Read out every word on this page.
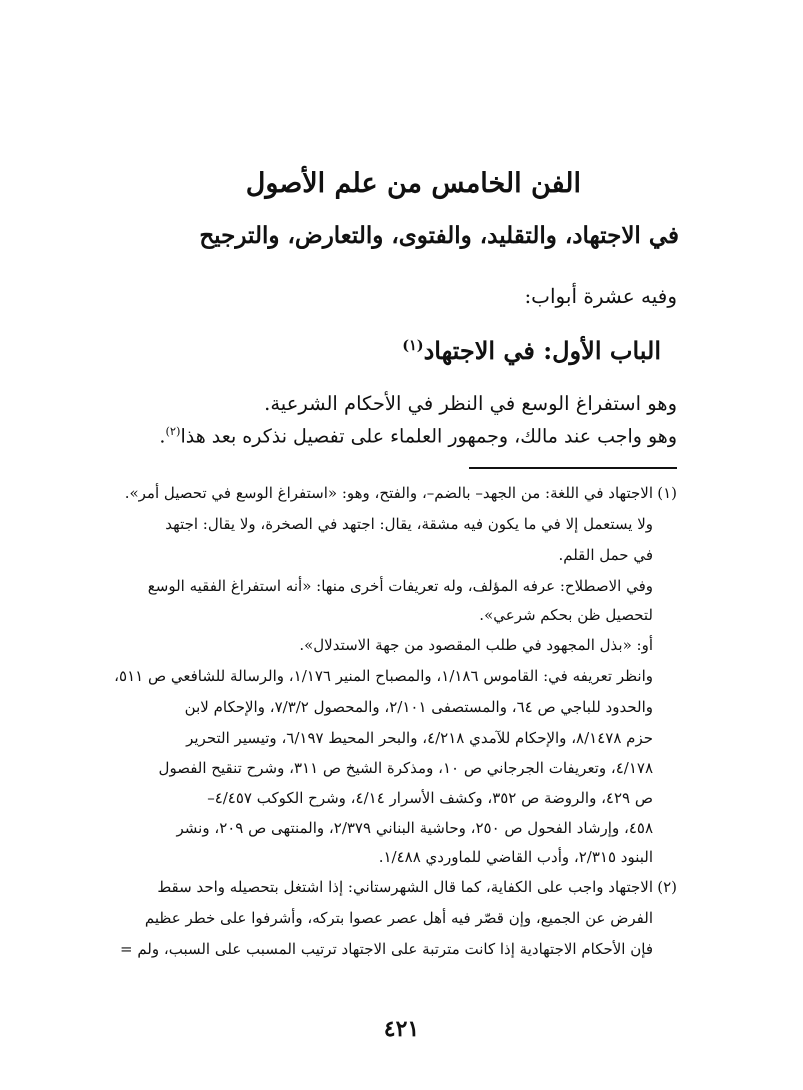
الفن الخامس من علم الأصول
في الاجتهاد، والتقليد، والفتوى، والتعارض، والترجيح
وفيه عشرة أبواب:
الباب الأول: في الاجتهاد$^{(١)}$
وهو استفراغ الوسع في النظر في الأحكام الشرعية.
وهو واجب عند مالك، وجمهور العلماء على تفصيل نذكره بعد هذا$^{(٢)}$.
(١)
الاجتهاد في اللغة: من الجهد– بالضم–، والفتح، وهو: «استفراغ الوسع في تحصيل أمر».
ولا يستعمل إلا في ما يكون فيه مشقة، يقال: اجتهد في الصخرة، ولا يقال: اجتهد
في حمل القلم.
وفي الاصطلاح: عرفه المؤلف، وله تعريفات أخرى منها: «أنه استفراغ الفقيه الوسع
لتحصيل ظن بحكم شرعي».
أو: «بذل المجهود في طلب المقصود من جهة الاستدلال».
وانظر تعريفه في: القاموس ١/١٨٦، والمصباح المنير ١/١٧٦، والرسالة للشافعي ص ٥١١،
والحدود للباجي ص ٦٤، والمستصفى ٢/١٠١، والمحصول ٧/٣/٢، والإحكام لابن
حزم ٨/١٤٧٨، والإحكام للآمدي ٤/٢١٨، والبحر المحيط ٦/١٩٧، وتيسير التحرير
٤/١٧٨، وتعريفات الجرجاني ص ١٠، ومذكرة الشيخ ص ٣١١، وشرح تنقيح الفصول
ص ٤٢٩، والروضة ص ٣٥٢، وكشف الأسرار ٤/١٤، وشرح الكوكب ٤/٤٥٧–
٤٥٨، وإرشاد الفحول ص ٢٥٠، وحاشية البناني ٢/٣٧٩، والمنتهى ص ٢٠٩، ونشر
البنود ٢/٣١٥، وأدب القاضي للماوردي ١/٤٨٨.
(٢)
الاجتهاد واجب على الكفاية، كما قال الشهرستاني: إذا اشتغل بتحصيله واحد سقط
الفرض عن الجميع، وإن قصّر فيه أهل عصر عصوا بتركه، وأشرفوا على خطر عظيم
فإن الأحكام الاجتهادية إذا كانت مترتبة على الاجتهاد ترتيب المسبب على السبب، ولم =
٤٢١
